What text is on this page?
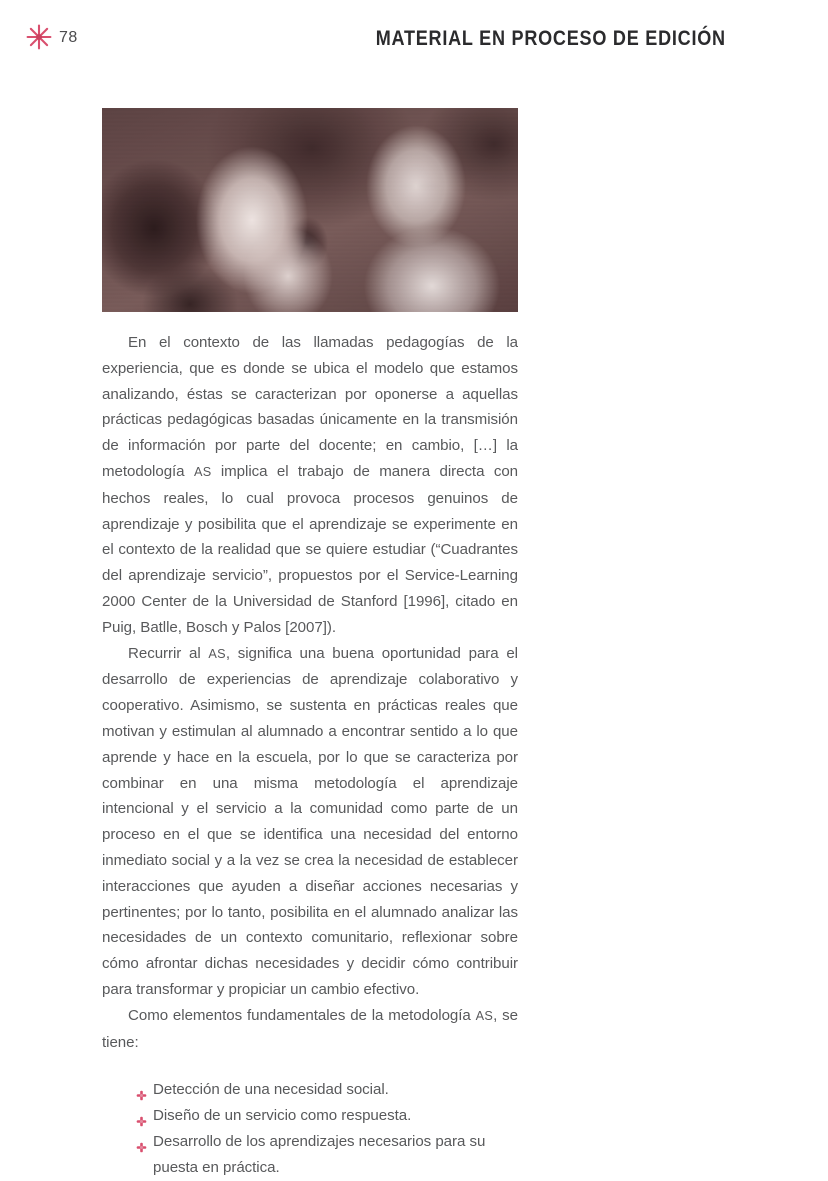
78	MATERIAL EN PROCESO DE EDICIÓN

En el contexto de las llamadas pedagogías de la experiencia, que es donde se ubica el modelo que estamos analizando, éstas se caracterizan por oponerse a aquellas prácticas pedagógicas basadas únicamente en la transmisión de información por parte del docente; en cambio, […] la metodología AS implica el trabajo de manera directa con hechos reales, lo cual provoca procesos genuinos de aprendizaje y posibilita que el aprendizaje se experimente en el contexto de la realidad que se quiere estudiar (“Cuadrantes del aprendizaje servicio”, propuestos por el Service-Learning 2000 Center de la Universidad de Stanford [1996], citado en Puig, Batlle, Bosch y Palos [2007]).

Recurrir al AS, significa una buena oportunidad para el desarrollo de experiencias de aprendizaje colaborativo y cooperativo. Asimismo, se sustenta en prácticas reales que motivan y estimulan al alumnado a encontrar sentido a lo que aprende y hace en la escuela, por lo que se caracteriza por combinar en una misma metodología el aprendizaje intencional y el servicio a la comunidad como parte de un proceso en el que se identifica una necesidad del entorno inmediato social y a la vez se crea la necesidad de establecer interacciones que ayuden a diseñar acciones necesarias y pertinentes; por lo tanto, posibilita en el alumnado analizar las necesidades de un contexto comunitario, reflexionar sobre cómo afrontar dichas necesidades y decidir cómo contribuir para transformar y propiciar un cambio efectivo.

Como elementos fundamentales de la metodología AS, se tiene:

Detección de una necesidad social.
Diseño de un servicio como respuesta.
Desarrollo de los aprendizajes necesarios para su puesta en práctica.
